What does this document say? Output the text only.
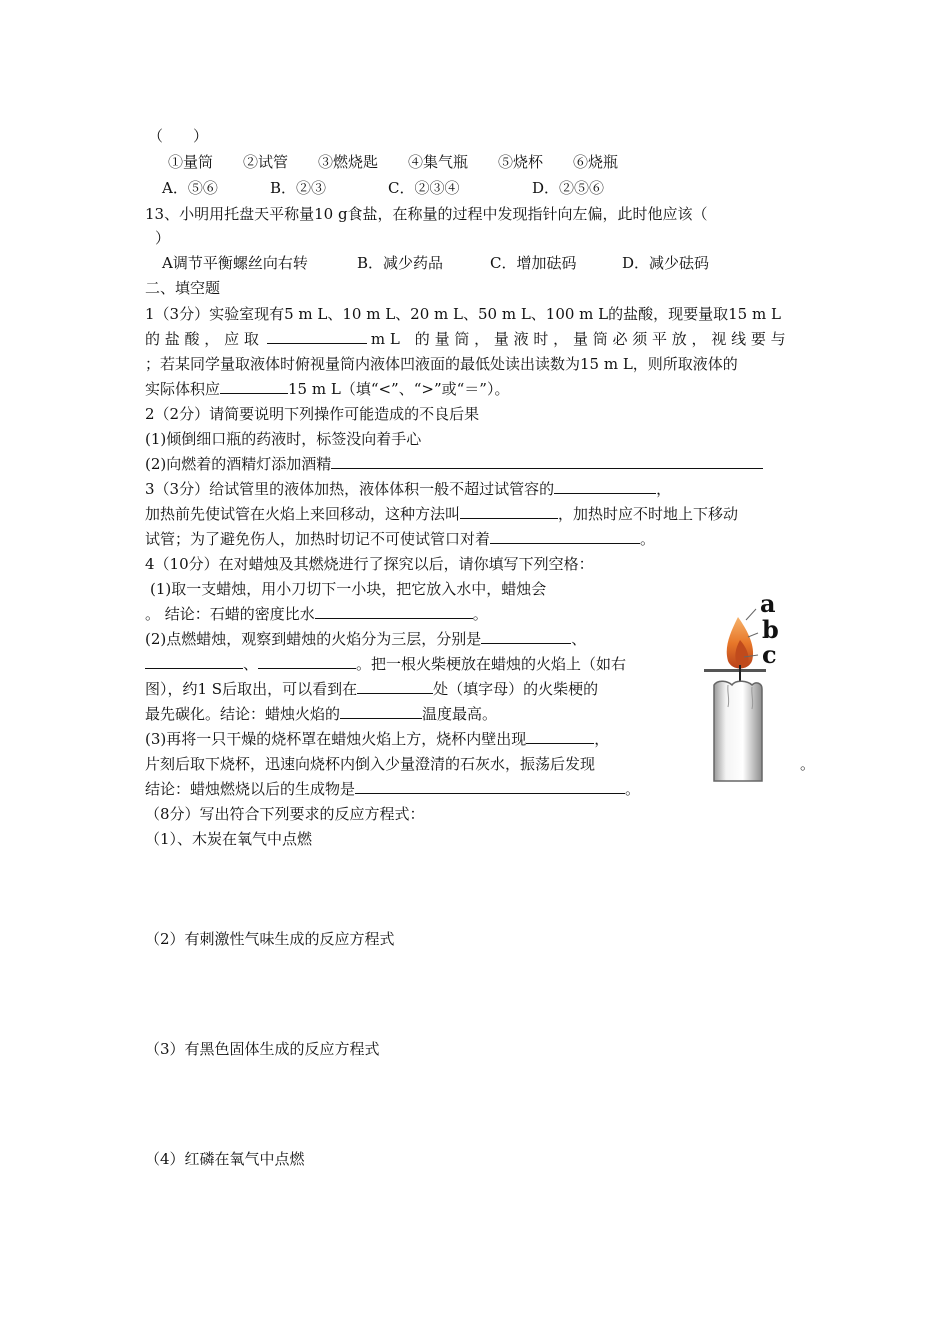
（　　）
①量筒　　②试管　　③燃烧匙　　④集气瓶　　⑤烧杯　　⑥烧瓶
A．⑤⑥	B．②③	C．②③④	D．②⑤⑥
13、小明用托盘天平称量10 g食盐，在称量的过程中发现指针向左偏，此时他应该（
）
A调节平衡螺丝向右转	B．减少药品	C．增加砝码	D．减少砝码
二、填空题
1（3分）实验室现有5 m L、10 m L、20 m L、50 m L、100 m L的盐酸，现要量取15 m L
的 盐 酸 ， 应 取	m L　的 量 筒 ， 量 液 时 ， 量 筒 必 须 平 放 ， 视 线 要 与
；若某同学量取液体时俯视量筒内液体凹液面的最低处读出读数为15 m L，则所取液体的
实际体积应	15 m L（填“<”、“>”或“＝”）。
2（2分）请简要说明下列操作可能造成的不良后果
(1)倾倒细口瓶的药液时，标签没向着手心
(2)向燃着的酒精灯添加酒精
3（3分）给试管里的液体加热，液体体积一般不超过试管容的	，
加热前先使试管在火焰上来回移动，这种方法叫	，加热时应不时地上下移动
试管；为了避免伤人，加热时切记不可使试管口对着	。
4（10分）在对蜡烛及其燃烧进行了探究以后，请你填写下列空格：
(1)取一支蜡烛，用小刀切下一小块，把它放入水中，蜡烛会
。 结论：石蜡的密度比水	。
(2)点燃蜡烛，观察到蜡烛的火焰分为三层，分别是	、
、	。把一根火柴梗放在蜡烛的火焰上（如右
图），约1 S后取出，可以看到在	处（填字母）的火柴梗的
最先碳化。结论：蜡烛火焰的	温度最高。
(3)再将一只干燥的烧杯罩在蜡烛火焰上方，烧杯内壁出现	，
片刻后取下烧杯，迅速向烧杯内倒入少量澄清的石灰水，振荡后发现	。
结论：蜡烛燃烧以后的生成物是	。
a
b
c
（8分）写出符合下列要求的反应方程式：
（1）、木炭在氧气中点燃
（2）有刺激性气味生成的反应方程式
（3）有黑色固体生成的反应方程式
（4）红磷在氧气中点燃
